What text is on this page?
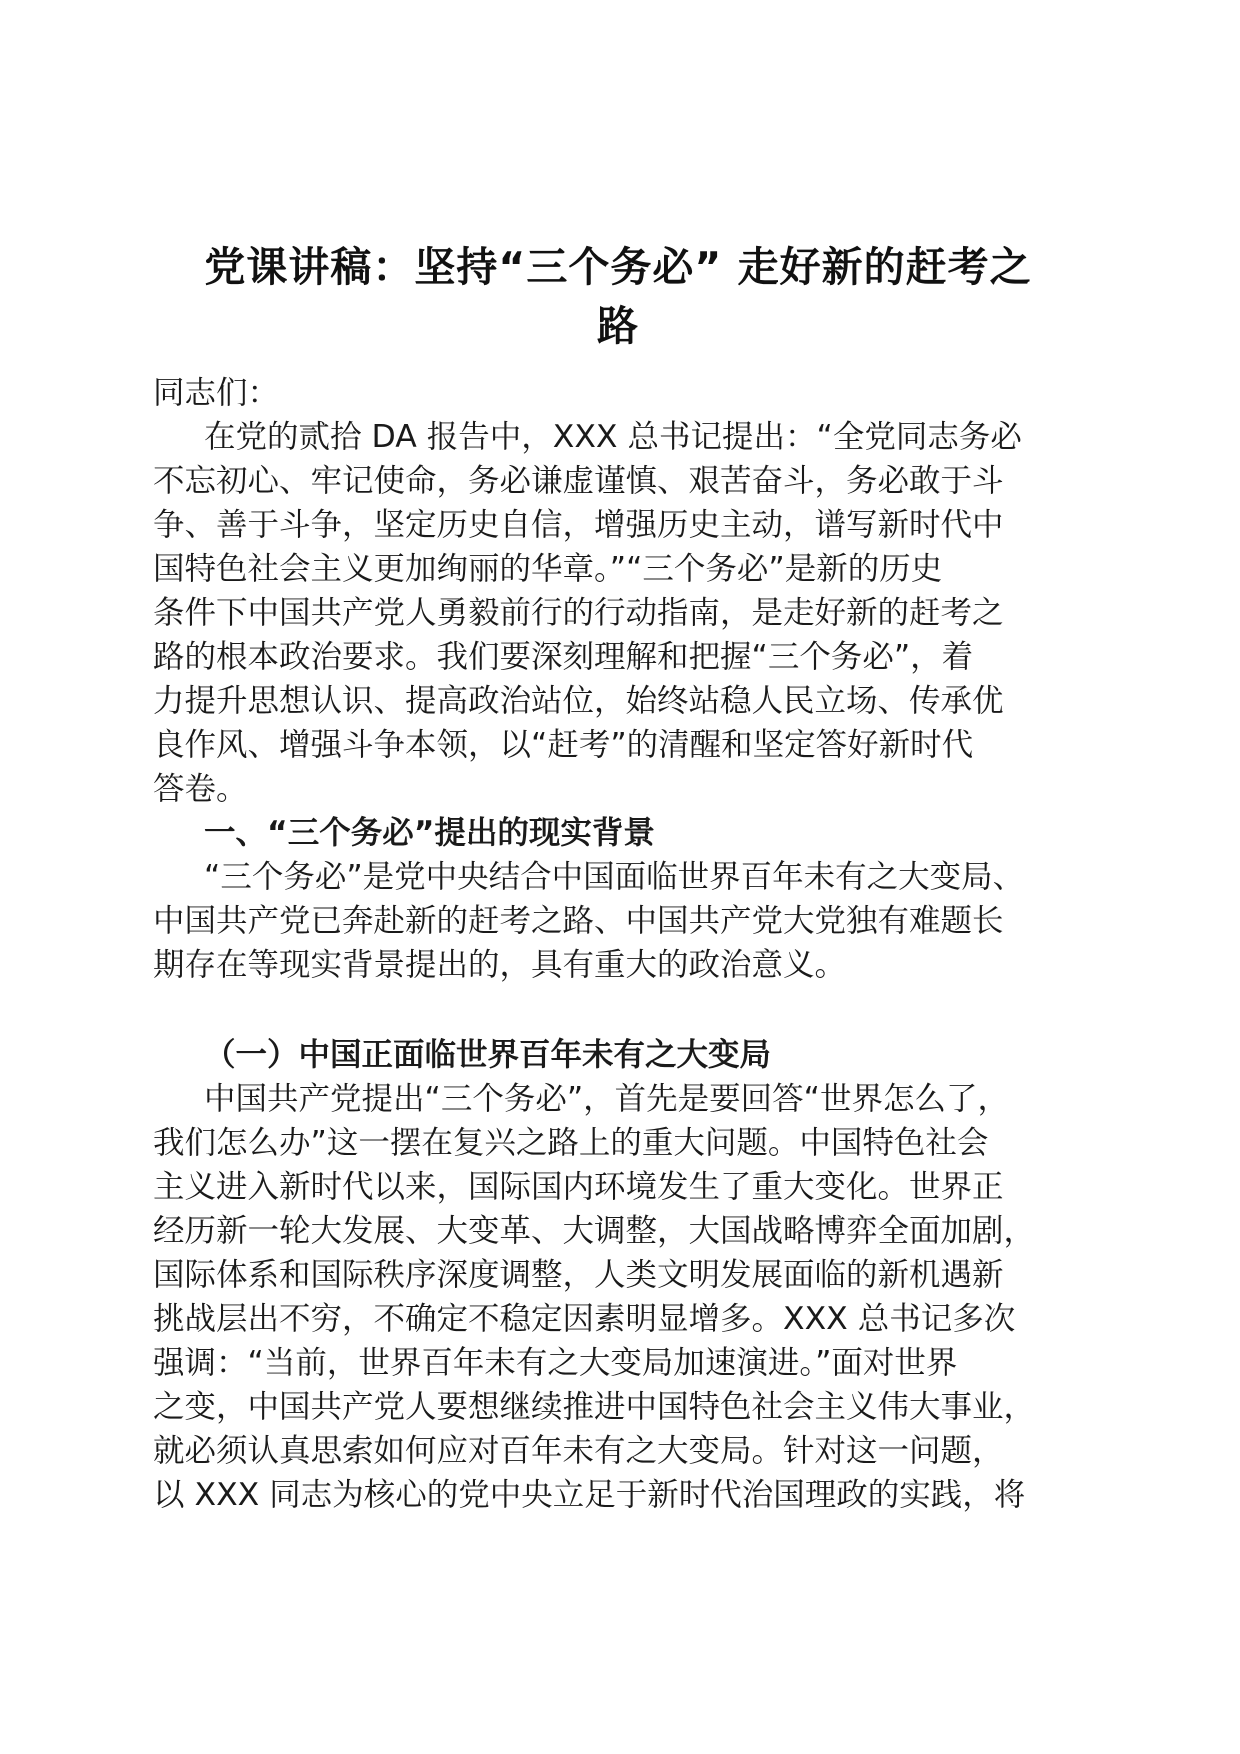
党课讲稿：坚持“三个务必” 走好新的赶考之
路
同志们：
在党的贰拾 DA 报告中，XXX 总书记提出：“全党同志务必
不忘初心、牢记使命，务必谦虚谨慎、艰苦奋斗，务必敢于斗
争、善于斗争，坚定历史自信，增强历史主动，谱写新时代中
国特色社会主义更加绚丽的华章。”“三个务必”是新的历史
条件下中国共产党人勇毅前行的行动指南，是走好新的赶考之
路的根本政治要求。我们要深刻理解和把握“三个务必”，着
力提升思想认识、提高政治站位，始终站稳人民立场、传承优
良作风、增强斗争本领，以“赶考”的清醒和坚定答好新时代
答卷。
一、“三个务必”提出的现实背景
“三个务必”是党中央结合中国面临世界百年未有之大变局、
中国共产党已奔赴新的赶考之路、中国共产党大党独有难题长
期存在等现实背景提出的，具有重大的政治意义。
（一）中国正面临世界百年未有之大变局
中国共产党提出“三个务必”，首先是要回答“世界怎么了，
我们怎么办”这一摆在复兴之路上的重大问题。中国特色社会
主义进入新时代以来，国际国内环境发生了重大变化。世界正
经历新一轮大发展、大变革、大调整，大国战略博弈全面加剧，
国际体系和国际秩序深度调整，人类文明发展面临的新机遇新
挑战层出不穷，不确定不稳定因素明显增多。XXX 总书记多次
强调：“当前，世界百年未有之大变局加速演进。”面对世界
之变，中国共产党人要想继续推进中国特色社会主义伟大事业，
就必须认真思索如何应对百年未有之大变局。针对这一问题，
以 XXX 同志为核心的党中央立足于新时代治国理政的实践，将
